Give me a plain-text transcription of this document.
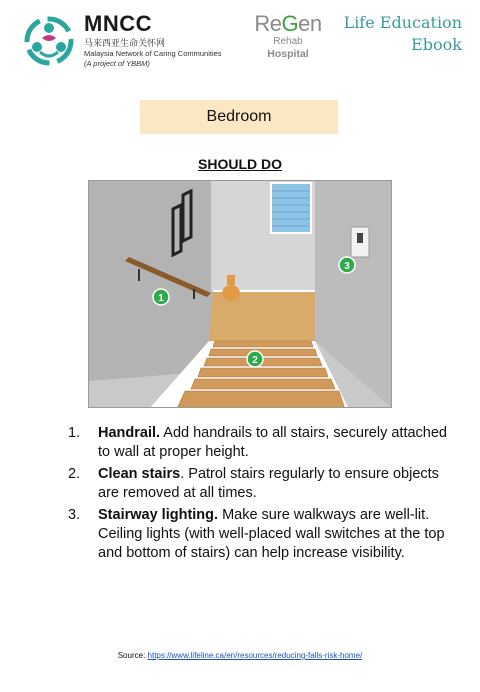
MNCC
马来西亚生命关怀网
Malaysia Network of Caring Communities
(A project of YBBM)
ReGen
Rehab
Hospital
Life Education
Ebook
Bedroom
SHOULD DO
1
2
3
1.	Handrail. Add handrails to all stairs, securely attached to wall at proper height.
2.	Clean stairs. Patrol stairs regularly to ensure objects are removed at all times.
3.	Stairway lighting. Make sure walkways are well-lit. Ceiling lights (with well-placed wall switches at the top and bottom of stairs) can help increase visibility.
Source: https://www.lifeline.ca/en/resources/reducing-falls-risk-home/
